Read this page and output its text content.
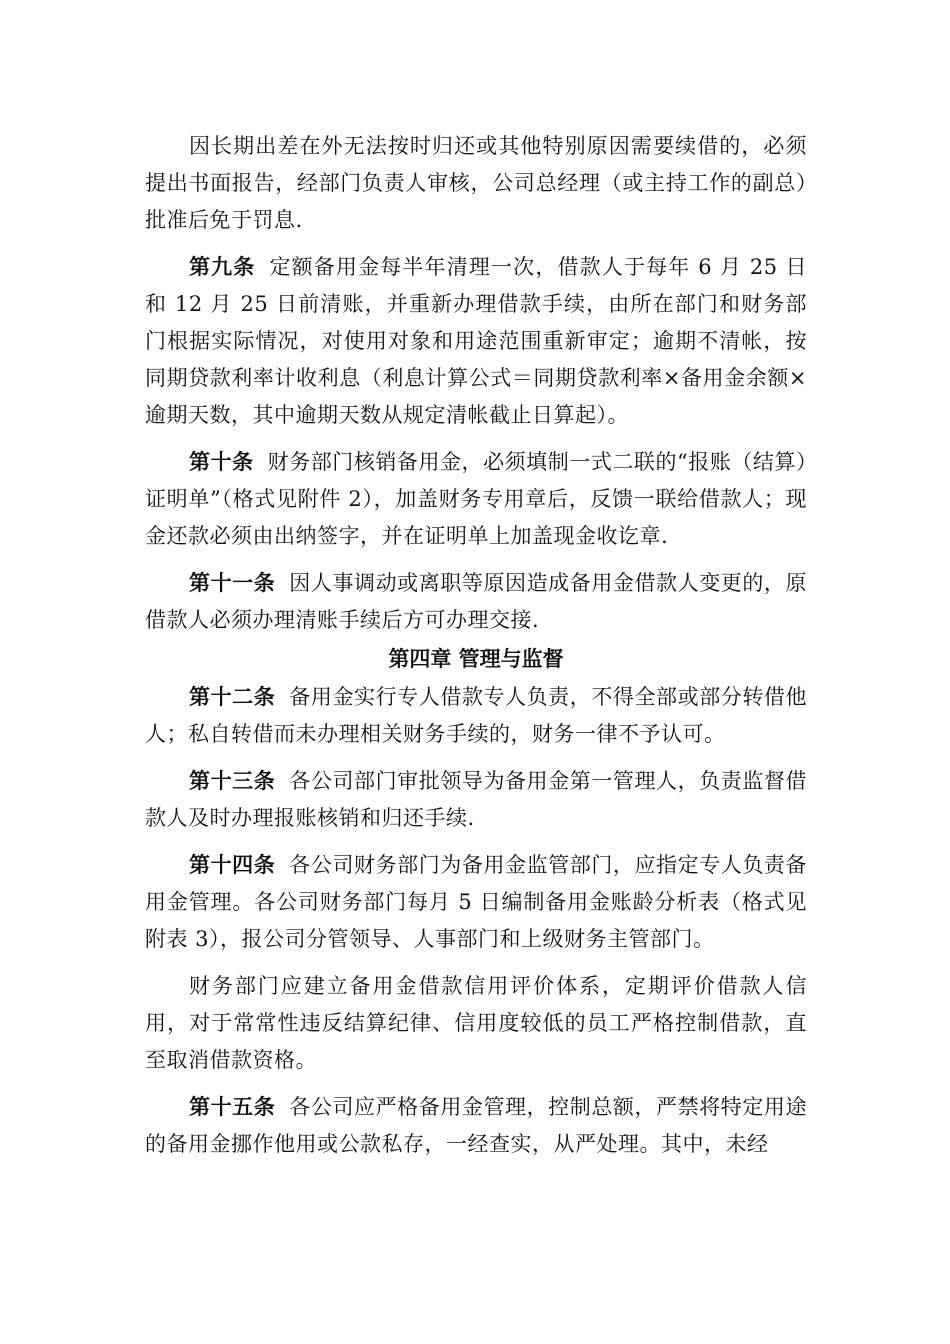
因长期出差在外无法按时归还或其他特别原因需要续借的，必须提出书面报告，经部门负责人审核，公司总经理（或主持工作的副总）批准后免于罚息.

第九条 定额备用金每半年清理一次，借款人于每年 6 月 25 日和 12 月 25 日前清账，并重新办理借款手续，由所在部门和财务部门根据实际情况，对使用对象和用途范围重新审定；逾期不清帐，按同期贷款利率计收利息（利息计算公式＝同期贷款利率×备用金余额×逾期天数，其中逾期天数从规定清帐截止日算起）。

第十条 财务部门核销备用金，必须填制一式二联的“报账（结算）证明单”（格式见附件 2），加盖财务专用章后，反馈一联给借款人；现金还款必须由出纳签字，并在证明单上加盖现金收讫章.

第十一条 因人事调动或离职等原因造成备用金借款人变更的，原借款人必须办理清账手续后方可办理交接.

第四章 管理与监督

第十二条 备用金实行专人借款专人负责，不得全部或部分转借他人；私自转借而未办理相关财务手续的，财务一律不予认可。

第十三条 各公司部门审批领导为备用金第一管理人，负责监督借款人及时办理报账核销和归还手续.

第十四条 各公司财务部门为备用金监管部门，应指定专人负责备用金管理。各公司财务部门每月 5 日编制备用金账龄分析表（格式见附表 3），报公司分管领导、人事部门和上级财务主管部门。

财务部门应建立备用金借款信用评价体系，定期评价借款人信用，对于常常性违反结算纪律、信用度较低的员工严格控制借款，直至取消借款资格。

第十五条 各公司应严格备用金管理，控制总额，严禁将特定用途的备用金挪作他用或公款私存，一经查实，从严处理。其中，未经
